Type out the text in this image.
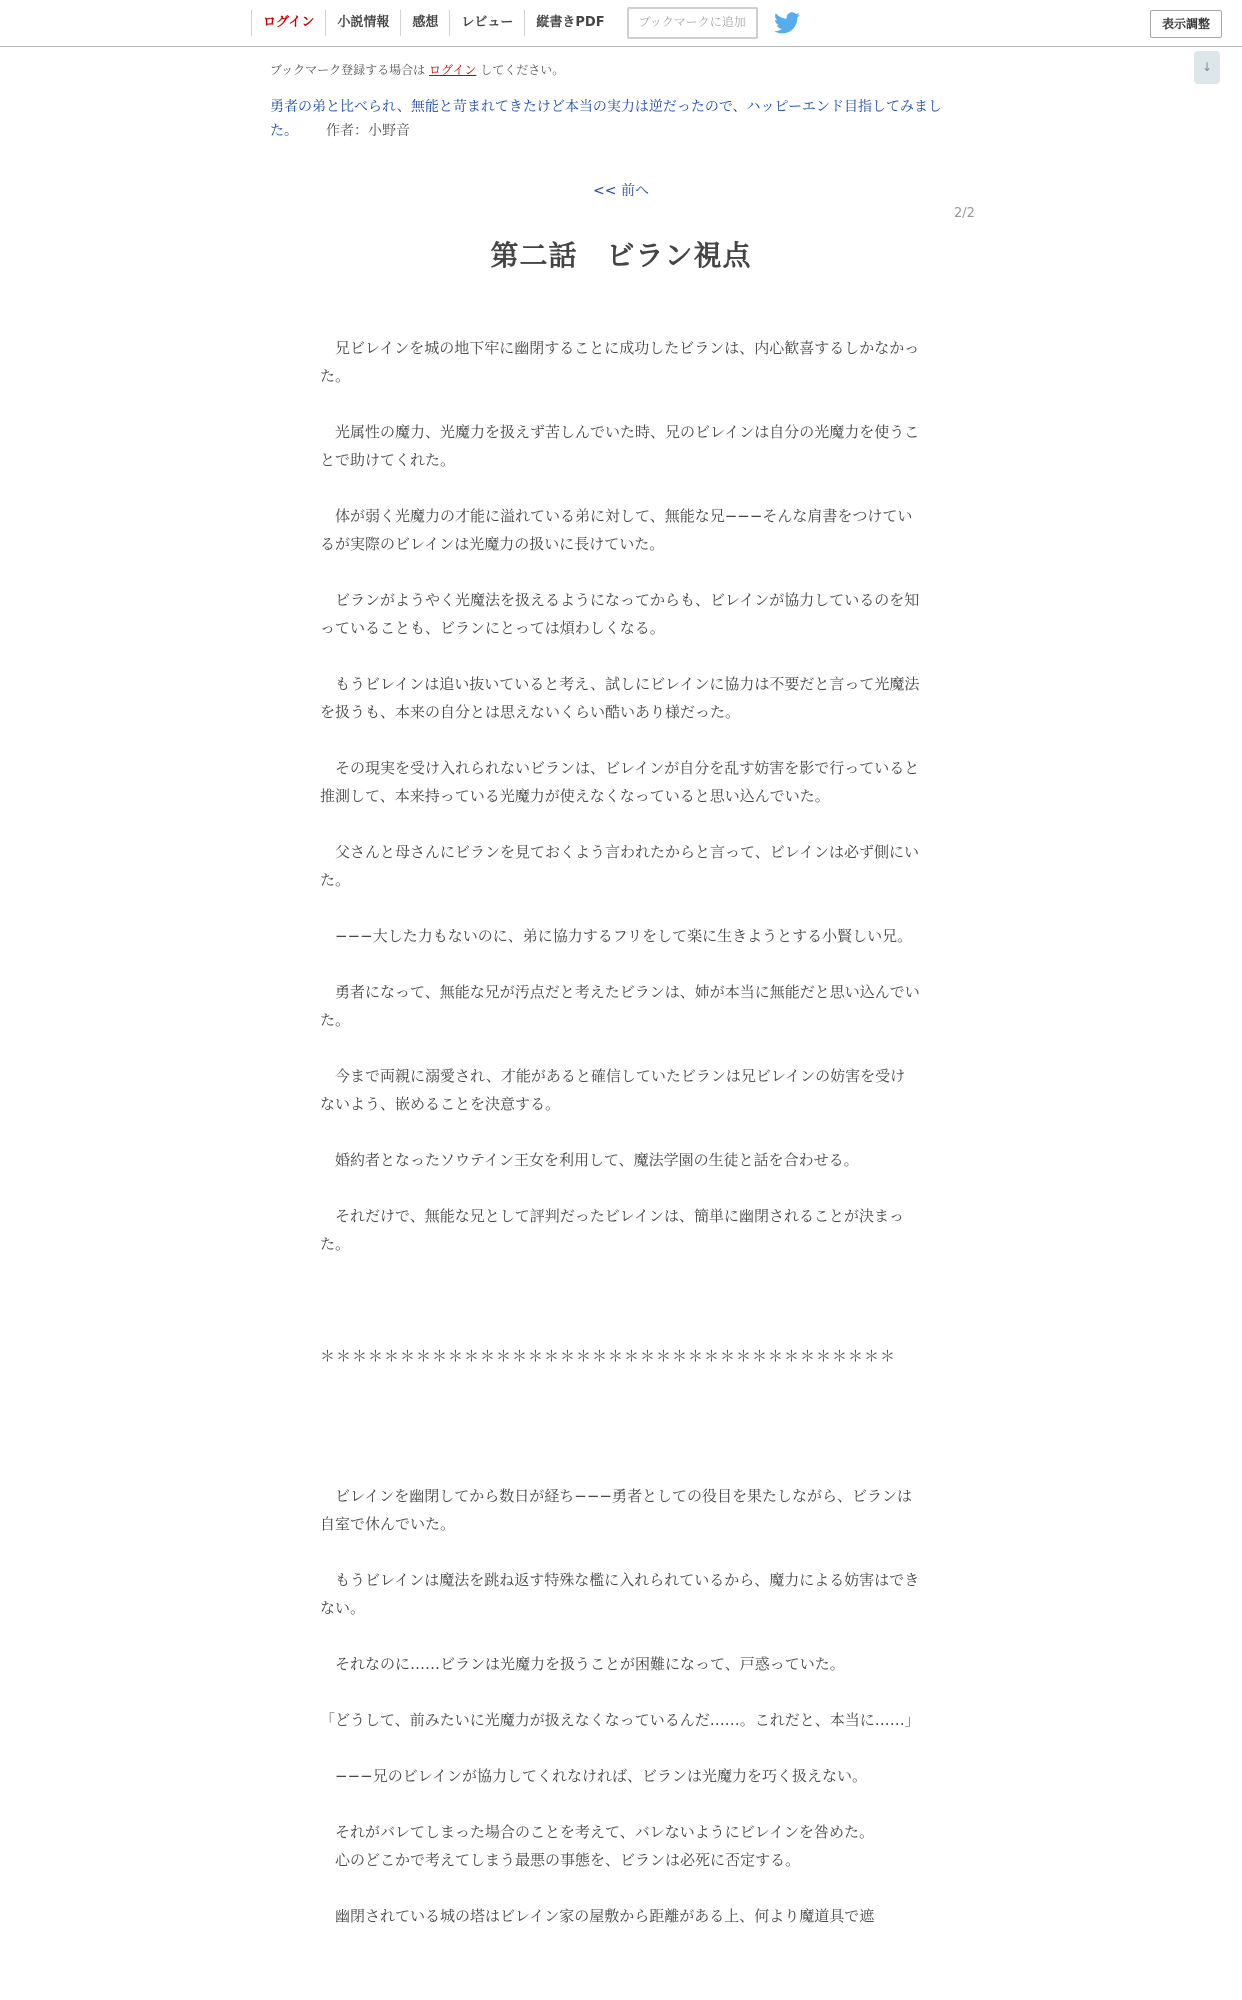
ログイン	小説情報	感想	レビュー	縦書きPDF	ブックマークに追加	表示調整
↓
ブックマーク登録する場合は ログイン してください。
勇者の弟と比べられ、無能と苛まれてきたけど本当の実力は逆だったので、ハッピーエンド目指してみました。 作者：小野音
<< 前へ
2/2
第二話　ビラン視点

　兄ビレインを城の地下牢に幽閉することに成功したビランは、内心歓喜するしかなかった。

　光属性の魔力、光魔力を扱えず苦しんでいた時、兄のビレインは自分の光魔力を使うことで助けてくれた。

　体が弱く光魔力の才能に溢れている弟に対して、無能な兄−−−そんな肩書をつけているが実際のビレインは光魔力の扱いに長けていた。

　ビランがようやく光魔法を扱えるようになってからも、ビレインが協力しているのを知っていることも、ビランにとっては煩わしくなる。

　もうビレインは追い抜いていると考え、試しにビレインに協力は不要だと言って光魔法を扱うも、本来の自分とは思えないくらい酷いあり様だった。

　その現実を受け入れられないビランは、ビレインが自分を乱す妨害を影で行っていると推測して、本来持っている光魔力が使えなくなっていると思い込んでいた。

　父さんと母さんにビランを見ておくよう言われたからと言って、ビレインは必ず側にいた。

　−−−大した力もないのに、弟に協力するフリをして楽に生きようとする小賢しい兄。

　勇者になって、無能な兄が汚点だと考えたビランは、姉が本当に無能だと思い込んでいた。

　今まで両親に溺愛され、才能があると確信していたビランは兄ビレインの妨害を受けないよう、嵌めることを決意する。

　婚約者となったソウテイン王女を利用して、魔法学園の生徒と話を合わせる。

　それだけで、無能な兄として評判だったビレインは、簡単に幽閉されることが決まった。

＊＊＊＊＊＊＊＊＊＊＊＊＊＊＊＊＊＊＊＊＊＊＊＊＊＊＊＊＊＊＊＊＊＊＊＊

　ビレインを幽閉してから数日が経ち−−−勇者としての役目を果たしながら、ビランは自室で休んでいた。

　もうビレインは魔法を跳ね返す特殊な檻に入れられているから、魔力による妨害はできない。

　それなのに……ビランは光魔力を扱うことが困難になって、戸惑っていた。

「どうして、前みたいに光魔力が扱えなくなっているんだ……。これだと、本当に……」

　−−−兄のビレインが協力してくれなければ、ビランは光魔力を巧く扱えない。

　それがバレてしまった場合のことを考えて、バレないようにビレインを咎めた。

　心のどこかで考えてしまう最悪の事態を、ビランは必死に否定する。

　幽閉されている城の塔はビレイン家の屋敷から距離がある上、何より魔道具で遮
